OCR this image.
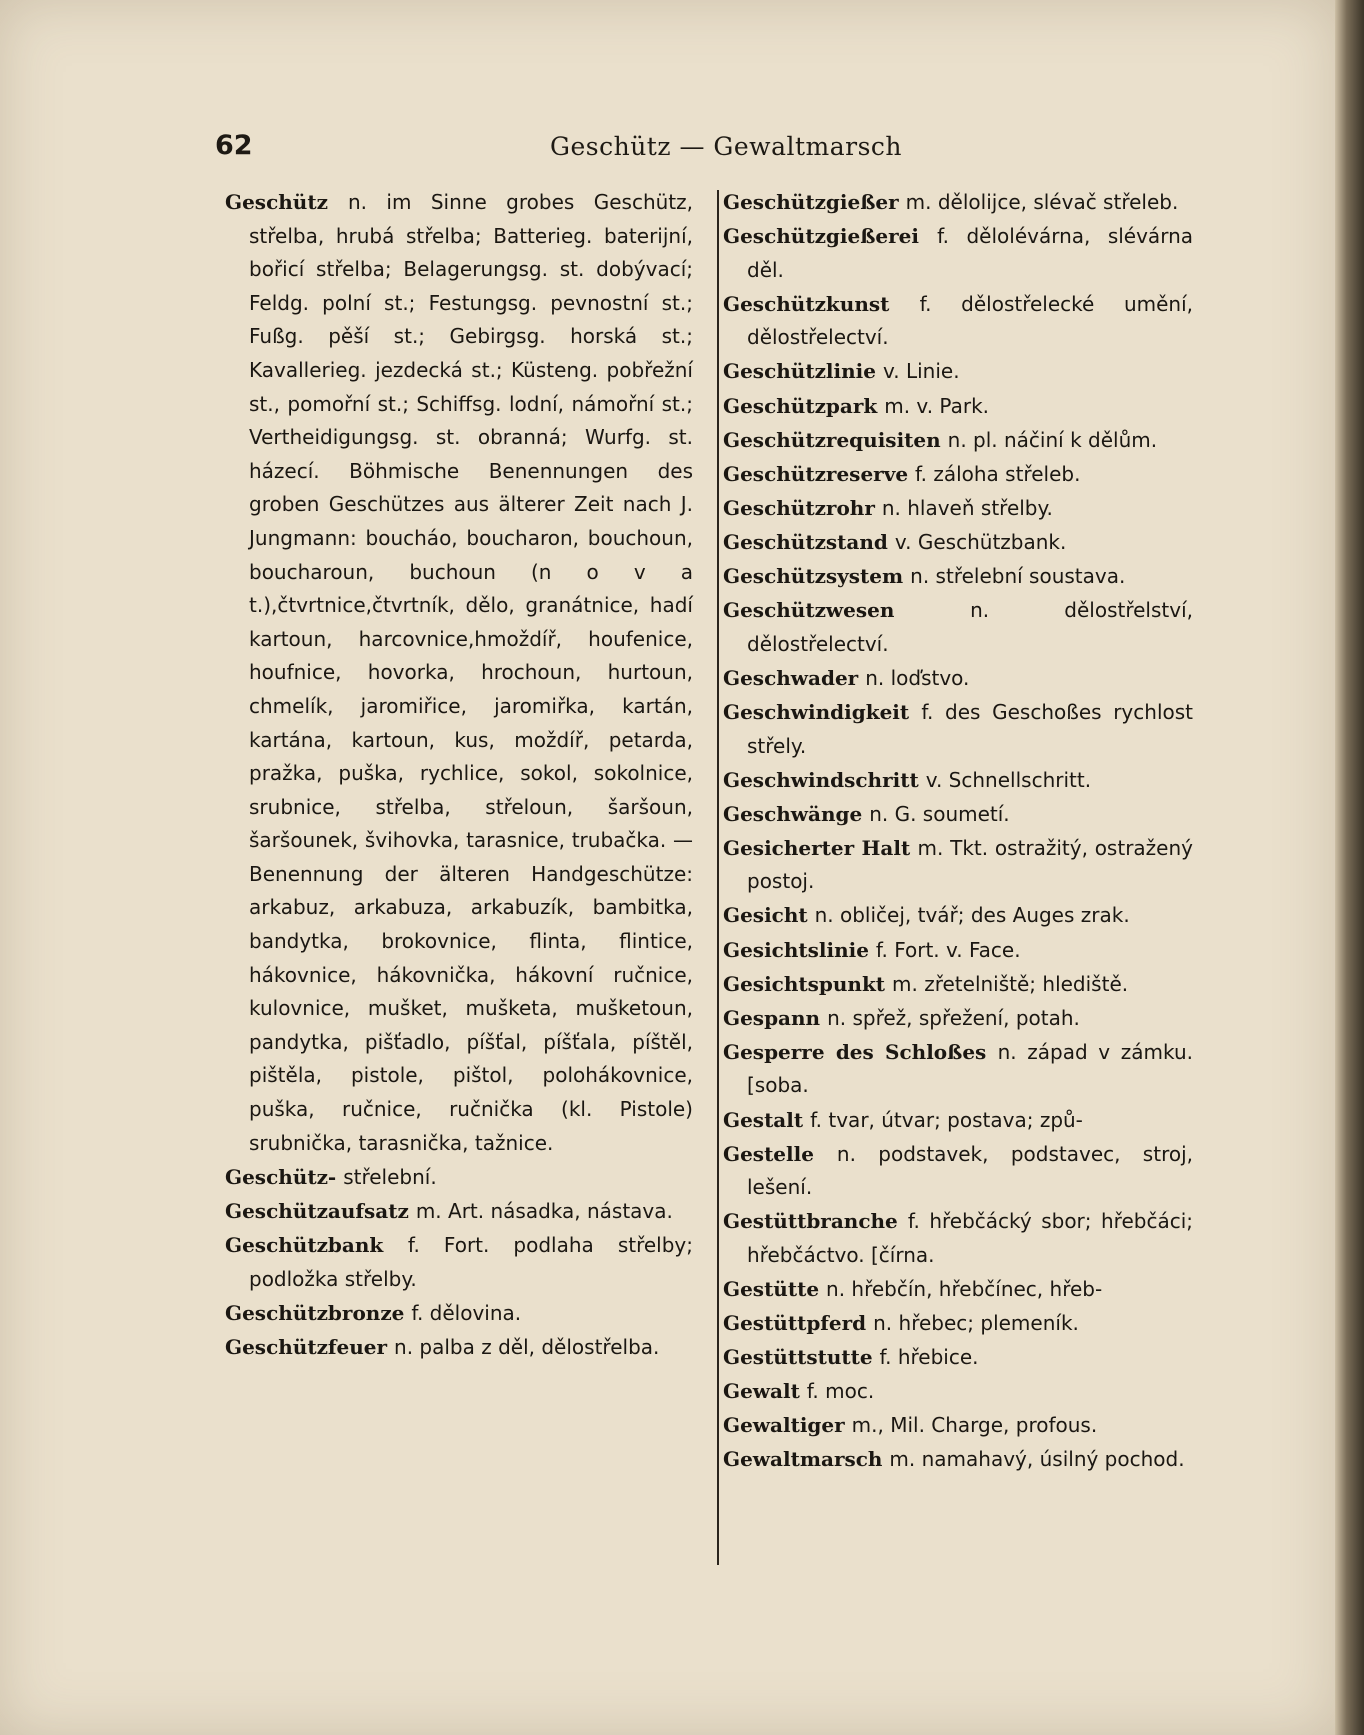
62	Geschütz — Gewaltmarsch

Geschütz n. im Sinne grobes Geschütz, střelba, hrubá střelba; Batterieg. baterijní, bořicí střelba; Belagerungsg. st. dobývací; Feldg. polní st.; Festungsg. pevnostní st.; Fußg. pěší st.; Gebirgsg. horská st.; Kavallerieg. jezdecká st.; Küsteng. pobřežní st., pomořní st.; Schiffsg. lodní, námořní st.; Vertheidigungsg. st. obranná; Wurfg. st. házecí. Böhmische Benennungen des groben Geschützes aus älterer Zeit nach J. Jungmann: boucháo, boucharon, bouchoun, boucharoun, buchoun (n o v a t.),čtvrtnice,čtvrtník, dělo, granátnice, hadí kartoun, harcovnice,hmoždíř, houfenice, houfnice, hovorka, hrochoun, hurtoun, chmelík, jaromiřice, jaromiřka, kartán, kartána, kartoun, kus, moždíř, petarda, pražka, puška, rychlice, sokol, sokolnice, srubnice, střelba, střeloun, šaršoun, šaršounek, švihovka, tarasnice, trubačka. — Benennung der älteren Handgeschütze: arkabuz, arkabuza, arkabuzík, bambitka, bandytka, brokovnice, flinta, flintice, hákovnice, hákovnička, hákovní ručnice, kulovnice, mušket, mušketa, mušketoun, pandytka, pišťadlo, píšťal, píšťala, píštěl, pištěla, pistole, pištol, polohákovnice, puška, ručnice, ručnička (kl. Pistole) srubnička, tarasnička, tažnice.

Geschütz- střelební.

Geschützaufsatz m. Art. násadka, nástava.

Geschützbank f. Fort. podlaha střelby; podložka střelby.

Geschützbronze f. dělovina.

Geschützfeuer n. palba z děl, dělostřelba.

Geschützgießer m. dělolijce, slévač střeleb.

Geschützgießerei f. dělolévárna, slévárna děl.

Geschützkunst f. dělostřelecké umění, dělostřelectví.

Geschützlinie v. Linie.

Geschützpark m. v. Park.

Geschützrequisiten n. pl. náčiní k dělům.

Geschützreserve f. záloha střeleb.

Geschützrohr n. hlaveň střelby.

Geschützstand v. Geschützbank.

Geschützsystem n. střelební soustava.

Geschützwesen	n. dělostřelství, dělostřelectví.

Geschwader n. loďstvo.

Geschwindigkeit f. des Geschoßes rychlost střely.

Geschwindschritt v. Schnellschritt.

Geschwänge n. G. soumetí.

Gesicherter Halt m. Tkt. ostražitý, ostražený postoj.

Gesicht n. obličej, tvář; des Auges zrak.

Gesichtslinie f. Fort. v. Face.

Gesichtspunkt m. zřetelniště; hlediště.

Gespann n. spřež, spřežení, potah.

Gesperre des Schloßes n. západ v zámku. [soba.

Gestalt f. tvar, útvar; postava; způ-

Gestelle n. podstavek, podstavec, stroj, lešení.

Gestüttbranche f. hřebčácký sbor; hřebčáci; hřebčáctvo. [čírna.

Gestütte n. hřebčín, hřebčínec, hřeb-

Gestüttpferd n. hřebec; plemeník.

Gestüttstutte f. hřebice.

Gewalt f. moc.

Gewaltiger m., Mil. Charge, profous.

Gewaltmarsch m. namahavý, úsilný pochod.
